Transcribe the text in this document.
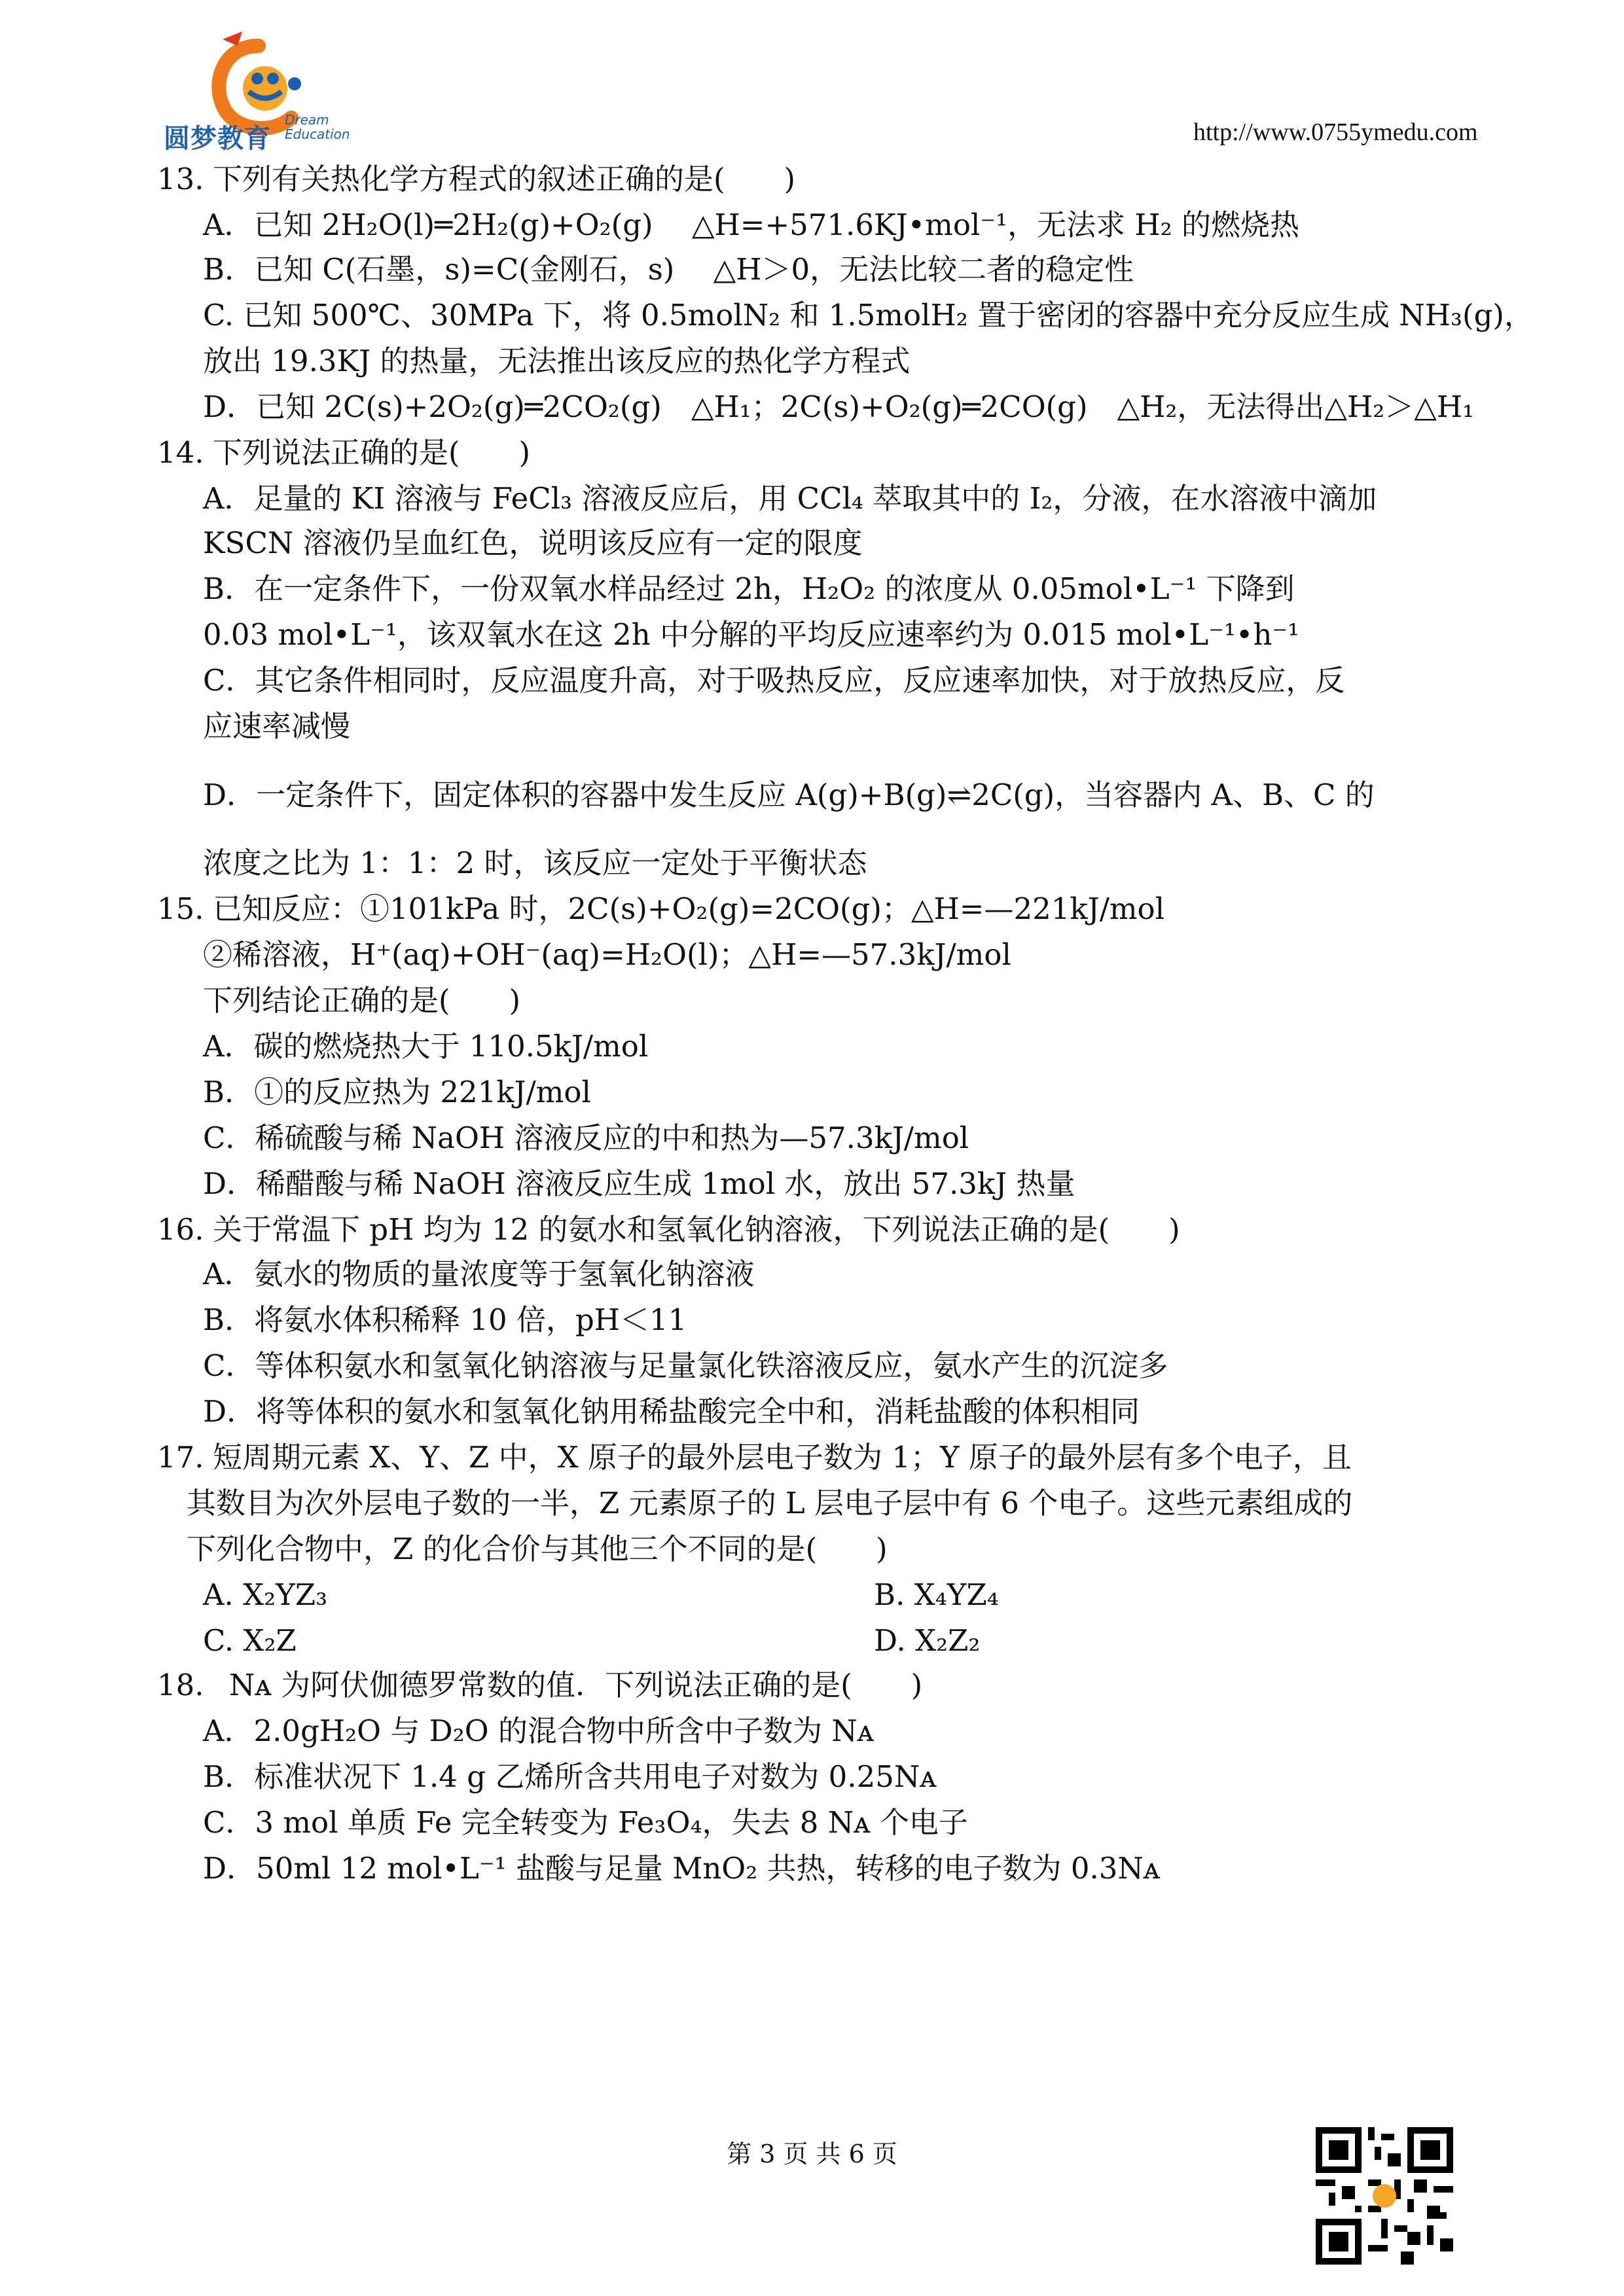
圆梦教育
Dream
Education	http://www.0755ymedu.com
13. 下列有关热化学方程式的叙述正确的是(　　)
A．已知 2H₂O(l)═2H₂(g)+O₂(g)　 △H=+571.6KJ•mol⁻¹，无法求 H₂ 的燃烧热
B．已知 C(石墨，s)=C(金刚石，s)　 △H＞0，无法比较二者的稳定性
C. 已知 500℃、30MPa 下，将 0.5molN₂ 和 1.5molH₂ 置于密闭的容器中充分反应生成 NH₃(g)，
放出 19.3KJ 的热量，无法推出该反应的热化学方程式
D．已知 2C(s)+2O₂(g)═2CO₂(g)　△H₁；2C(s)+O₂(g)═2CO(g)　△H₂，无法得出△H₂＞△H₁
14. 下列说法正确的是(　　)
A．足量的 KI 溶液与 FeCl₃ 溶液反应后，用 CCl₄ 萃取其中的 I₂，分液，在水溶液中滴加
KSCN 溶液仍呈血红色，说明该反应有一定的限度
B．在一定条件下，一份双氧水样品经过 2h，H₂O₂ 的浓度从 0.05mol•L⁻¹ 下降到
0.03 mol•L⁻¹，该双氧水在这 2h 中分解的平均反应速率约为 0.015 mol•L⁻¹•h⁻¹
C．其它条件相同时，反应温度升高，对于吸热反应，反应速率加快，对于放热反应，反
应速率减慢
D．一定条件下，固定体积的容器中发生反应 A(g)+B(g)⇌2C(g)，当容器内 A、B、C 的
浓度之比为 1：1：2 时，该反应一定处于平衡状态
15. 已知反应：①101kPa 时，2C(s)+O₂(g)=2CO(g)；△H=—221kJ/mol
②稀溶液，H⁺(aq)+OH⁻(aq)=H₂O(l)；△H=—57.3kJ/mol
下列结论正确的是(　　)
A．碳的燃烧热大于 110.5kJ/mol
B．①的反应热为 221kJ/mol
C．稀硫酸与稀 NaOH 溶液反应的中和热为—57.3kJ/mol
D．稀醋酸与稀 NaOH 溶液反应生成 1mol 水，放出 57.3kJ 热量
16. 关于常温下 pH 均为 12 的氨水和氢氧化钠溶液，下列说法正确的是(　　)
A．氨水的物质的量浓度等于氢氧化钠溶液
B．将氨水体积稀释 10 倍，pH＜11
C．等体积氨水和氢氧化钠溶液与足量氯化铁溶液反应，氨水产生的沉淀多
D．将等体积的氨水和氢氧化钠用稀盐酸完全中和，消耗盐酸的体积相同
17. 短周期元素 X、Y、Z 中，X 原子的最外层电子数为 1；Y 原子的最外层有多个电子，且
其数目为次外层电子数的一半，Z 元素原子的 L 层电子层中有 6 个电子。这些元素组成的
下列化合物中，Z 的化合价与其他三个不同的是(　　)
A. X₂YZ₃	B. X₄YZ₄
C. X₂Z	D. X₂Z₂
18. Nᴀ 为阿伏伽德罗常数的值．下列说法正确的是(　　)
A．2.0gH₂O 与 D₂O 的混合物中所含中子数为 Nᴀ
B．标准状况下 1.4 g 乙烯所含共用电子对数为 0.25Nᴀ
C．3 mol 单质 Fe 完全转变为 Fe₃O₄，失去 8 Nᴀ 个电子
D．50ml 12 mol•L⁻¹ 盐酸与足量 MnO₂ 共热，转移的电子数为 0.3Nᴀ
第 3 页 共 6 页
